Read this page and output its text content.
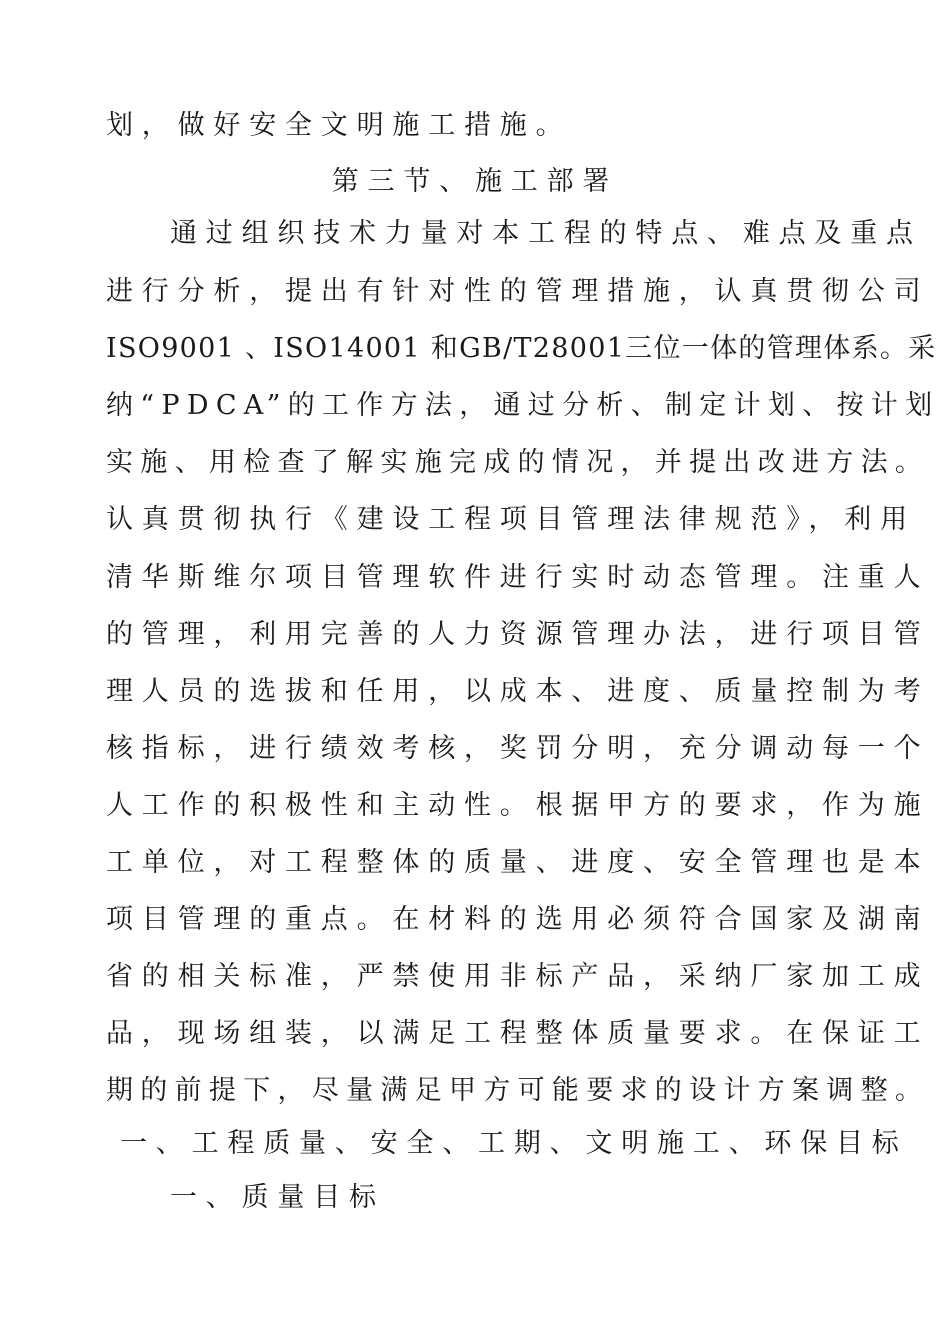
划，做好安全文明施工措施。
第三节、施工部署
通过组织技术力量对本工程的特点、难点及重点
进行分析，提出有针对性的管理措施，认真贯彻公司
ISO9001 、ISO14001 和GB/T28001三位一体的管理体系。采
纳“PDCA”的工作方法，通过分析、制定计划、按计划
实施、用检查了解实施完成的情况，并提出改进方法。
认真贯彻执行《建设工程项目管理法律规范》，利用
清华斯维尔项目管理软件进行实时动态管理。注重人
的管理，利用完善的人力资源管理办法，进行项目管
理人员的选拔和任用，以成本、进度、质量控制为考
核指标，进行绩效考核，奖罚分明，充分调动每一个
人工作的积极性和主动性。根据甲方的要求，作为施
工单位，对工程整体的质量、进度、安全管理也是本
项目管理的重点。在材料的选用必须符合国家及湖南
省的相关标准，严禁使用非标产品，采纳厂家加工成
品，现场组装，以满足工程整体质量要求。在保证工
期的前提下，尽量满足甲方可能要求的设计方案调整。
一、工程质量、安全、工期、文明施工、环保目标
一、质量目标
